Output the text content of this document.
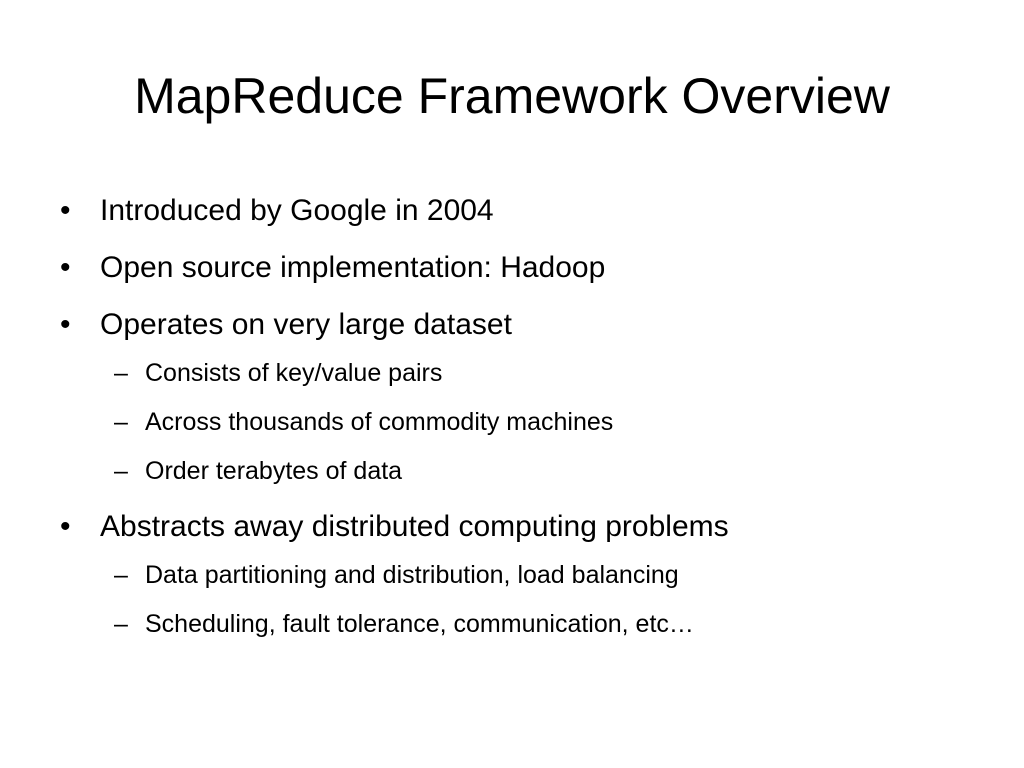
MapReduce Framework Overview
• Introduced by Google in 2004
• Open source implementation: Hadoop
• Operates on very large dataset
– Consists of key/value pairs
– Across thousands of commodity machines
– Order terabytes of data
• Abstracts away distributed computing problems
– Data partitioning and distribution, load balancing
– Scheduling, fault tolerance, communication, etc…
